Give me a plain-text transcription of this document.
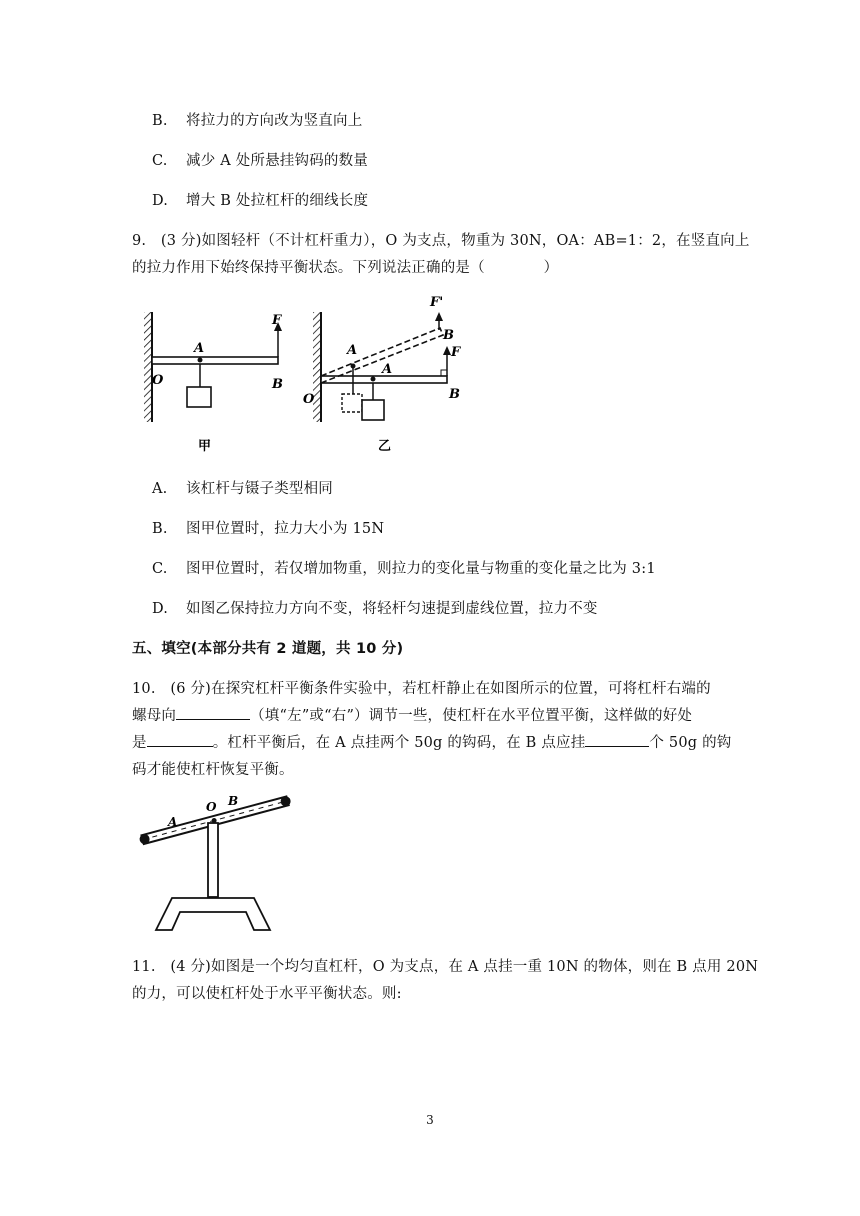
B. 将拉力的方向改为竖直向上
C. 减少 A 处所悬挂钩码的数量
D. 增大 B 处拉杠杆的细线长度
9.　(3 分)如图轻杆（不计杠杆重力），O 为支点，物重为 30N，OA：AB=1：2，在竖直向上
的拉力作用下始终保持平衡状态。下列说法正确的是（　　　　）
F
A
O	B
甲
F'
B
F
A
A
O	B
乙
A. 该杠杆与镊子类型相同
B. 图甲位置时，拉力大小为 15N
C. 图甲位置时，若仅增加物重，则拉力的变化量与物重的变化量之比为 3:1
D. 如图乙保持拉力方向不变，将轻杆匀速提到虚线位置，拉力不变
五、填空(本部分共有 2 道题，共 10 分)
10.　(6 分)在探究杠杆平衡条件实验中，若杠杆静止在如图所示的位置，可将杠杆右端的
螺母向	（填“左”或“右”）调节一些，使杠杆在水平位置平衡，这样做的好处
是	。杠杆平衡后，在 A 点挂两个 50g 的钩码，在 B 点应挂	个 50g 的钩
码才能使杠杆恢复平衡。
A
O B
11.　(4 分)如图是一个均匀直杠杆，O 为支点，在 A 点挂一重 10N 的物体，则在 B 点用 20N
的力，可以使杠杆处于水平平衡状态。则:
3
